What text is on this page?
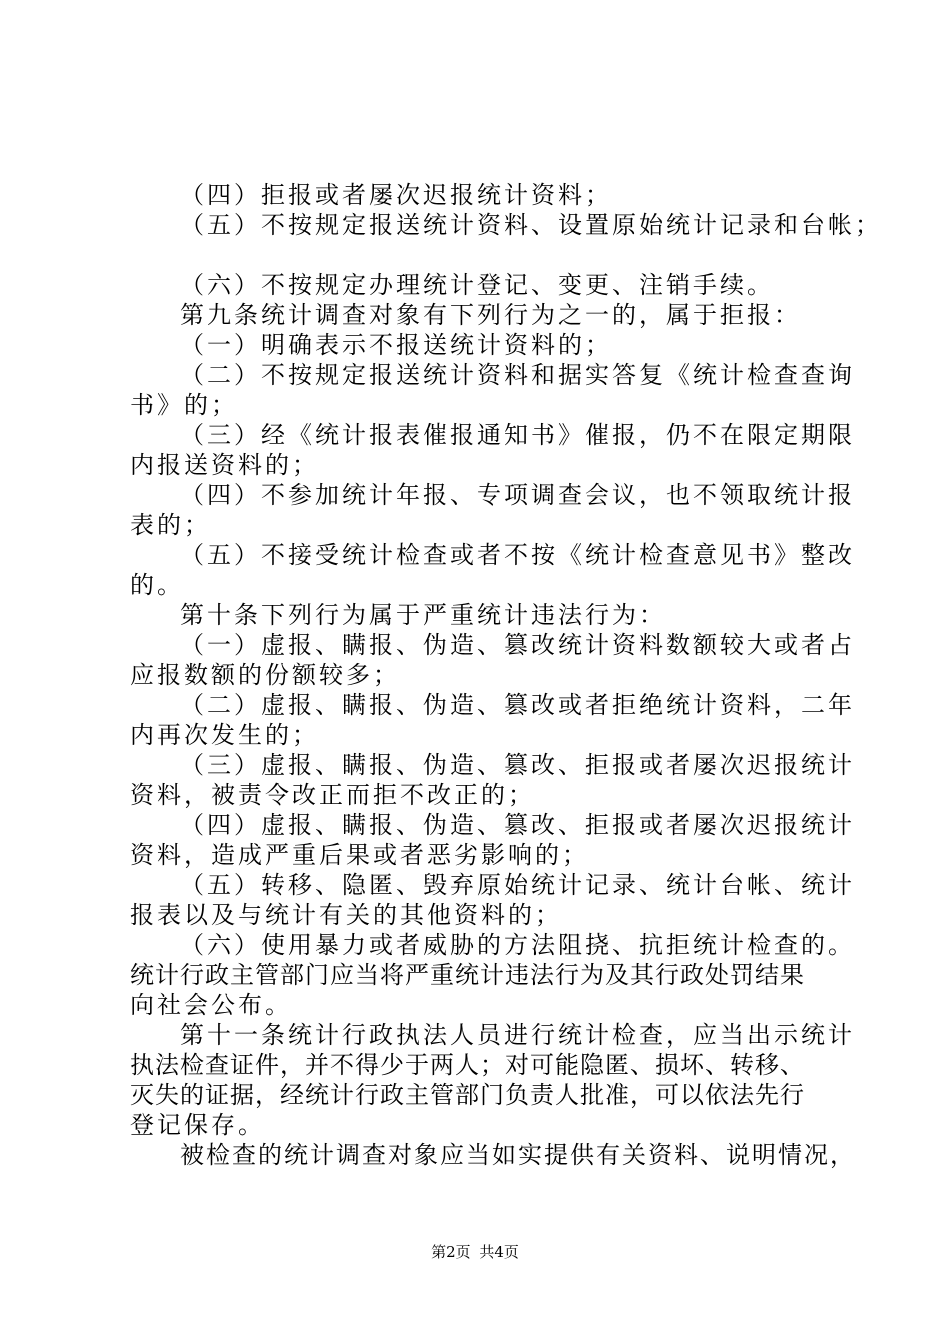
（四）拒报或者屡次迟报统计资料；
（五）不按规定报送统计资料、设置原始统计记录和台帐；
（六）不按规定办理统计登记、变更、注销手续。
第九条统计调查对象有下列行为之一的，属于拒报：
（一）明确表示不报送统计资料的；
（二）不按规定报送统计资料和据实答复《统计检查查询
书》的；
（三）经《统计报表催报通知书》催报，仍不在限定期限
内报送资料的；
（四）不参加统计年报、专项调查会议，也不领取统计报
表的；
（五）不接受统计检查或者不按《统计检查意见书》整改
的。
第十条下列行为属于严重统计违法行为：
（一）虚报、瞒报、伪造、篡改统计资料数额较大或者占
应报数额的份额较多；
（二）虚报、瞒报、伪造、篡改或者拒绝统计资料，二年
内再次发生的；
（三）虚报、瞒报、伪造、篡改、拒报或者屡次迟报统计
资料，被责令改正而拒不改正的；
（四）虚报、瞒报、伪造、篡改、拒报或者屡次迟报统计
资料，造成严重后果或者恶劣影响的；
（五）转移、隐匿、毁弃原始统计记录、统计台帐、统计
报表以及与统计有关的其他资料的；
（六）使用暴力或者威胁的方法阻挠、抗拒统计检查的。
统计行政主管部门应当将严重统计违法行为及其行政处罚结果
向社会公布。
第十一条统计行政执法人员进行统计检查，应当出示统计
执法检查证件，并不得少于两人；对可能隐匿、损坏、转移、
灭失的证据，经统计行政主管部门负责人批准，可以依法先行
登记保存。
被检查的统计调查对象应当如实提供有关资料、说明情况，
第2页 共4页
